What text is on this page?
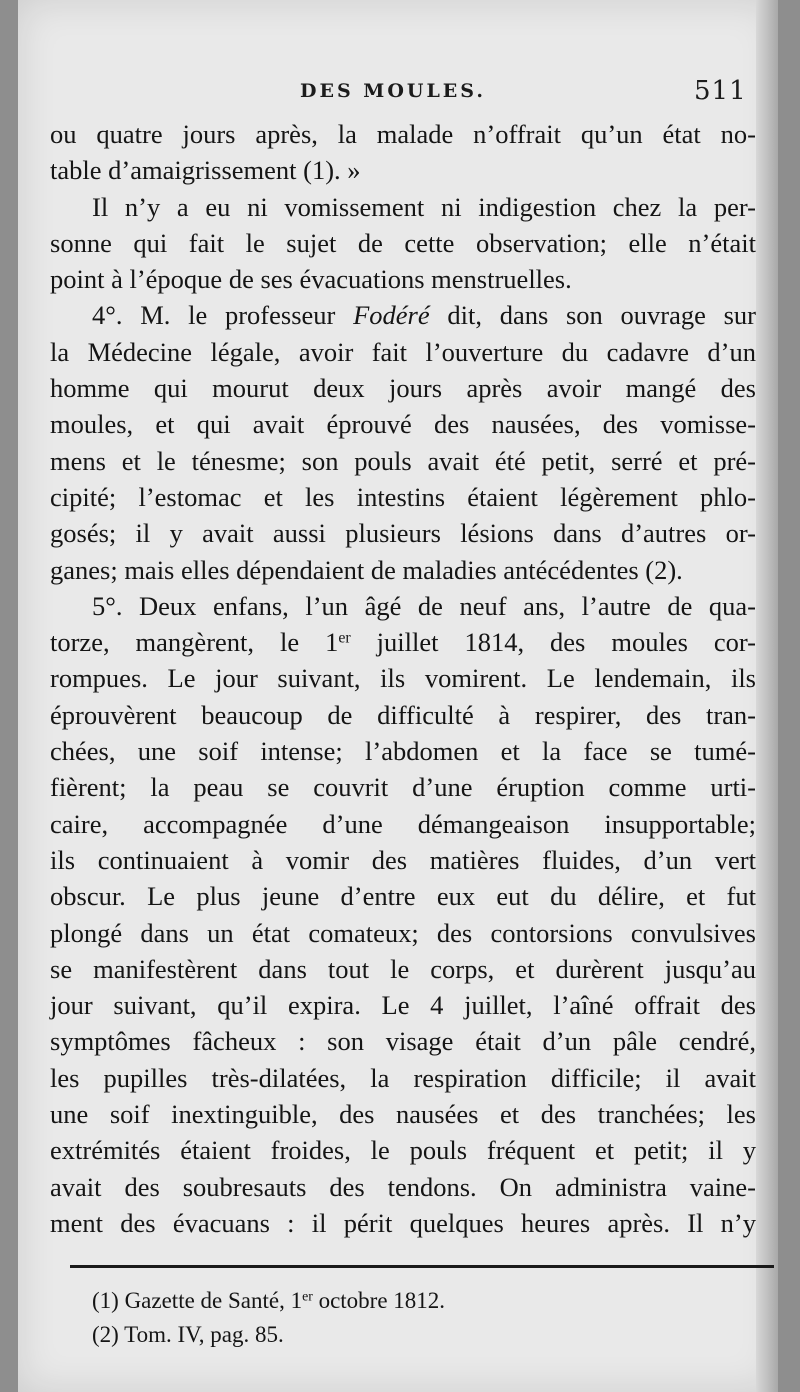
DES MOULES.	511

ou quatre jours après, la malade n’offrait qu’un état no-

table d’amaigrissement (1). »

Il n’y a eu ni vomissement ni indigestion chez la per-

sonne qui fait le sujet de cette observation; elle n’était

point à l’époque de ses évacuations menstruelles.

4°. M. le professeur Fodéré dit, dans son ouvrage sur

la Médecine légale, avoir fait l’ouverture du cadavre d’un

homme qui mourut deux jours après avoir mangé des

moules, et qui avait éprouvé des nausées, des vomisse-

mens et le ténesme; son pouls avait été petit, serré et pré-

cipité; l’estomac et les intestins étaient légèrement phlo-

gosés; il y avait aussi plusieurs lésions dans d’autres or-

ganes; mais elles dépendaient de maladies antécédentes (2).

5°. Deux enfans, l’un âgé de neuf ans, l’autre de qua-

torze, mangèrent, le 1er juillet 1814, des moules cor-

rompues. Le jour suivant, ils vomirent. Le lendemain, ils

éprouvèrent beaucoup de difficulté à respirer, des tran-

chées, une soif intense; l’abdomen et la face se tumé-

fièrent; la peau se couvrit d’une éruption comme urti-

caire, accompagnée d’une démangeaison insupportable;

ils continuaient à vomir des matières fluides, d’un vert

obscur. Le plus jeune d’entre eux eut du délire, et fut

plongé dans un état comateux; des contorsions convulsives

se manifestèrent dans tout le corps, et durèrent jusqu’au

jour suivant, qu’il expira. Le 4 juillet, l’aîné offrait des

symptômes fâcheux : son visage était d’un pâle cendré,

les pupilles très-dilatées, la respiration difficile; il avait

une soif inextinguible, des nausées et des tranchées; les

extrémités étaient froides, le pouls fréquent et petit; il y

avait des soubresauts des tendons. On administra vaine-

ment des évacuans : il périt quelques heures après. Il n’y

(1) Gazette de Santé, 1er octobre 1812.
(2) Tom. IV, pag. 85.
